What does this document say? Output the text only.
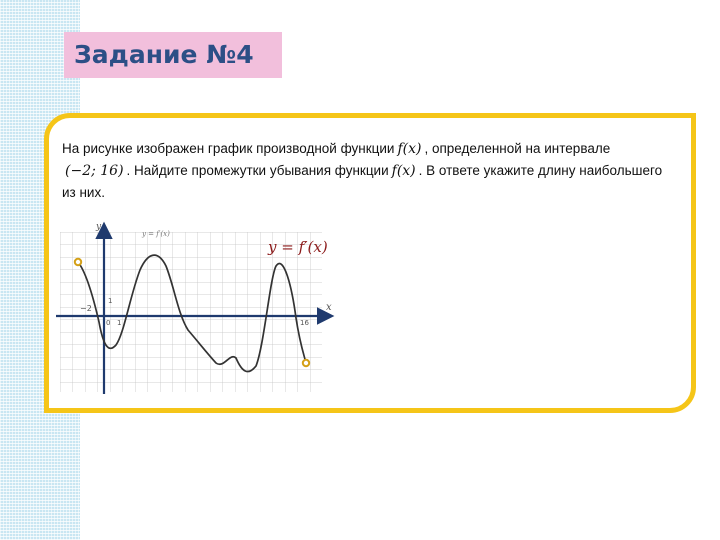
Задание №4
На рисунке изображен график производной функции f(x) , определенной на интервале
(−2; 16) . Найдите промежутки убывания функции f(x) . В ответе укажите длину наибольшего
из них.
x
y
−2
0 1	16
1
y = f′(x)
y = f′(x)
